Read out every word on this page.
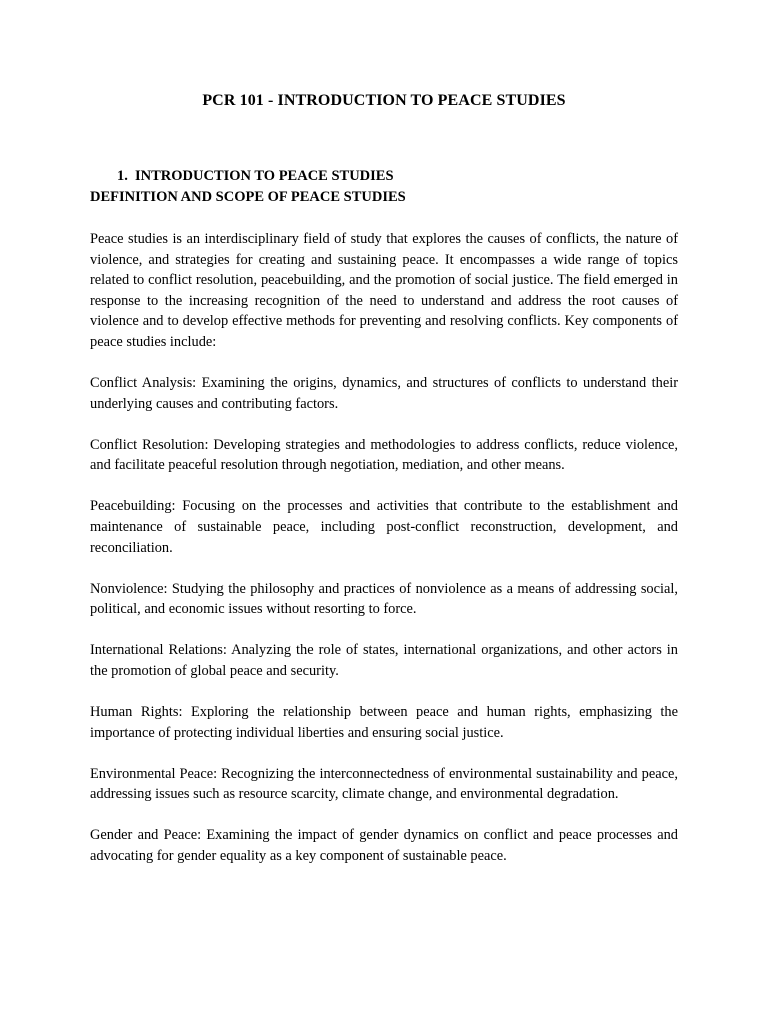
PCR 101 - INTRODUCTION TO PEACE STUDIES
1. INTRODUCTION TO PEACE STUDIES
DEFINITION AND SCOPE OF PEACE STUDIES

Peace studies is an interdisciplinary field of study that explores the causes of conflicts, the nature of violence, and strategies for creating and sustaining peace. It encompasses a wide range of topics related to conflict resolution, peacebuilding, and the promotion of social justice. The field emerged in response to the increasing recognition of the need to understand and address the root causes of violence and to develop effective methods for preventing and resolving conflicts. Key components of peace studies include:

Conflict Analysis: Examining the origins, dynamics, and structures of conflicts to understand their underlying causes and contributing factors.

Conflict Resolution: Developing strategies and methodologies to address conflicts, reduce violence, and facilitate peaceful resolution through negotiation, mediation, and other means.

Peacebuilding: Focusing on the processes and activities that contribute to the establishment and maintenance of sustainable peace, including post-conflict reconstruction, development, and reconciliation.

Nonviolence: Studying the philosophy and practices of nonviolence as a means of addressing social, political, and economic issues without resorting to force.

International Relations: Analyzing the role of states, international organizations, and other actors in the promotion of global peace and security.

Human Rights: Exploring the relationship between peace and human rights, emphasizing the importance of protecting individual liberties and ensuring social justice.

Environmental Peace: Recognizing the interconnectedness of environmental sustainability and peace, addressing issues such as resource scarcity, climate change, and environmental degradation.

Gender and Peace: Examining the impact of gender dynamics on conflict and peace processes and advocating for gender equality as a key component of sustainable peace.
